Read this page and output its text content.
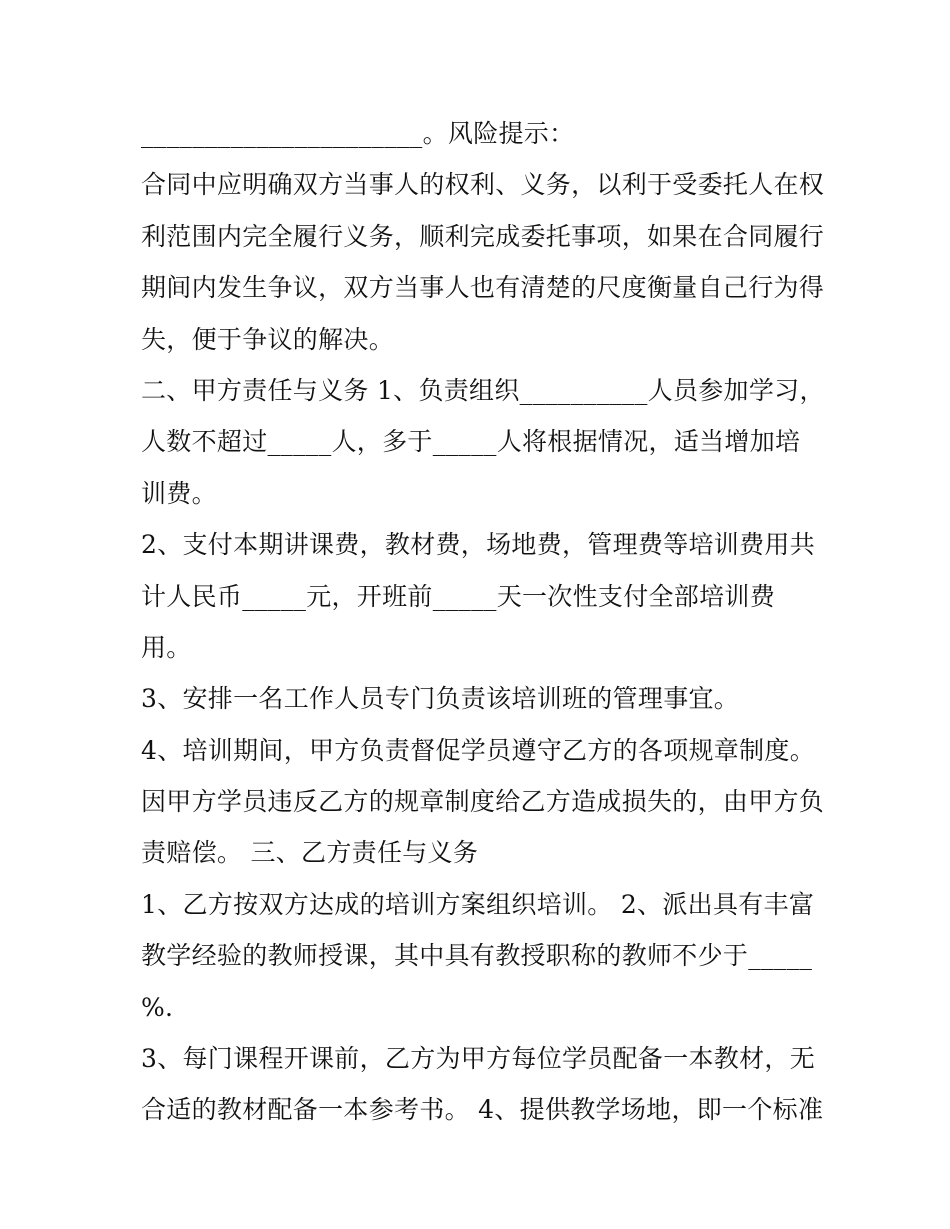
______________________。风险提示：
合同中应明确双方当事人的权利、义务，以利于受委托人在权
利范围内完全履行义务，顺利完成委托事项，如果在合同履行
期间内发生争议，双方当事人也有清楚的尺度衡量自己行为得
失，便于争议的解决。
二、甲方责任与义务 1、负责组织__________人员参加学习，
人数不超过_____人，多于_____人将根据情况，适当增加培
训费。
2、支付本期讲课费，教材费，场地费，管理费等培训费用共
计人民币_____元，开班前_____天一次性支付全部培训费
用。
3、安排一名工作人员专门负责该培训班的管理事宜。
4、培训期间，甲方负责督促学员遵守乙方的各项规章制度。
因甲方学员违反乙方的规章制度给乙方造成损失的，由甲方负
责赔偿。 三、乙方责任与义务
1、乙方按双方达成的培训方案组织培训。 2、派出具有丰富
教学经验的教师授课，其中具有教授职称的教师不少于_____
%.
3、每门课程开课前，乙方为甲方每位学员配备一本教材，无
合适的教材配备一本参考书。 4、提供教学场地，即一个标准
